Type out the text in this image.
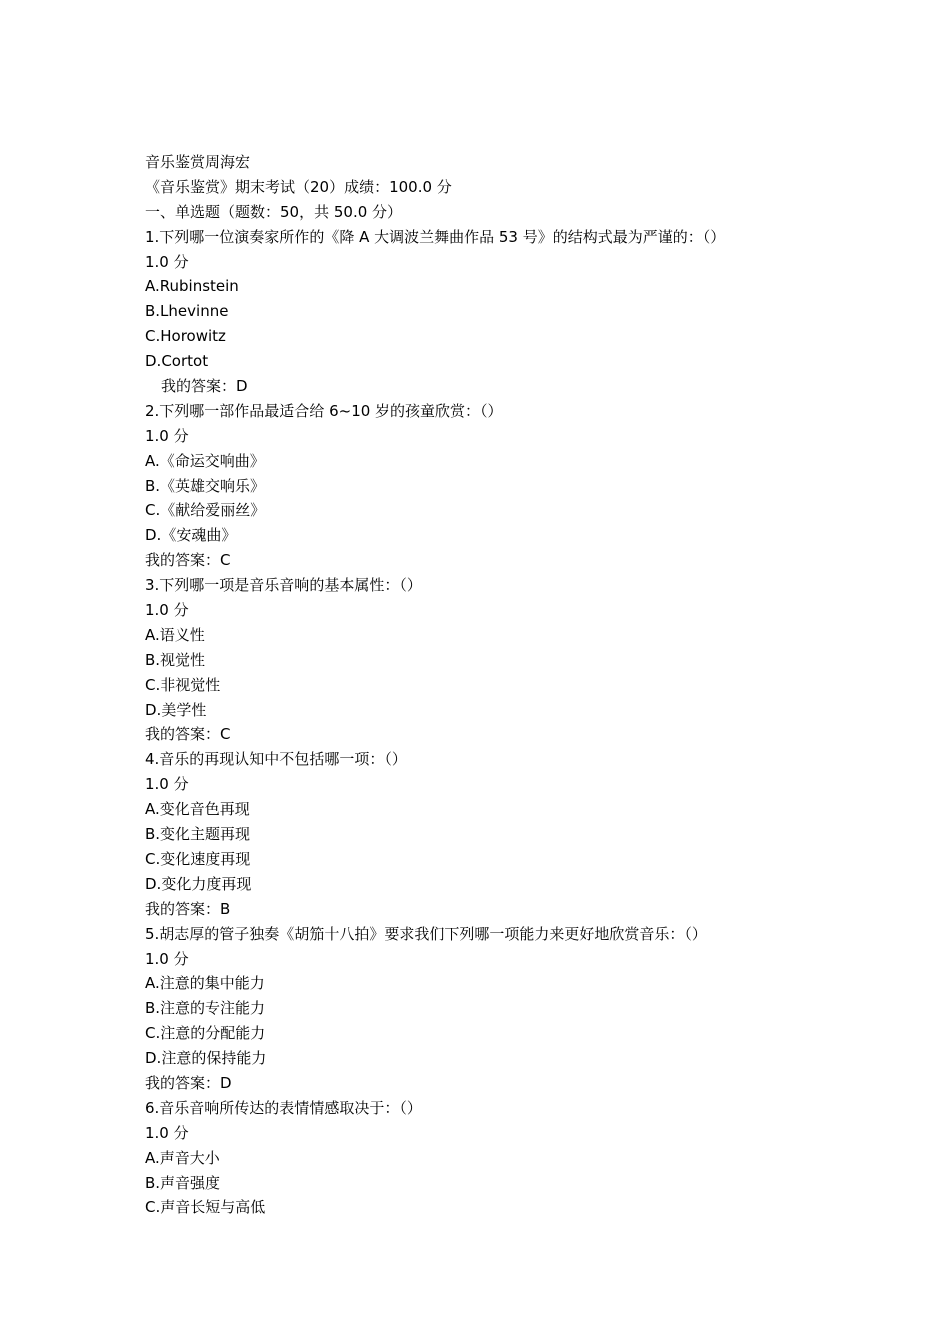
音乐鉴赏周海宏
《音乐鉴赏》期末考试（20）成绩：100.0 分
一、单选题（题数：50，共 50.0 分）
1.下列哪一位演奏家所作的《降 A 大调波兰舞曲作品 53 号》的结构式最为严谨的：（）
1.0 分
A.Rubinstein
B.Lhevinne
C.Horowitz
D.Cortot
我的答案：D
2.下列哪一部作品最适合给 6~10 岁的孩童欣赏：（）
1.0 分
A.《命运交响曲》
B.《英雄交响乐》
C.《献给爱丽丝》
D.《安魂曲》
我的答案：C
3.下列哪一项是音乐音响的基本属性：（）
1.0 分
A.语义性
B.视觉性
C.非视觉性
D.美学性
我的答案：C
4.音乐的再现认知中不包括哪一项：（）
1.0 分
A.变化音色再现
B.变化主题再现
C.变化速度再现
D.变化力度再现
我的答案：B
5.胡志厚的管子独奏《胡笳十八拍》要求我们下列哪一项能力来更好地欣赏音乐：（）
1.0 分
A.注意的集中能力
B.注意的专注能力
C.注意的分配能力
D.注意的保持能力
我的答案：D
6.音乐音响所传达的表情情感取决于：（）
1.0 分
A.声音大小
B.声音强度
C.声音长短与高低
